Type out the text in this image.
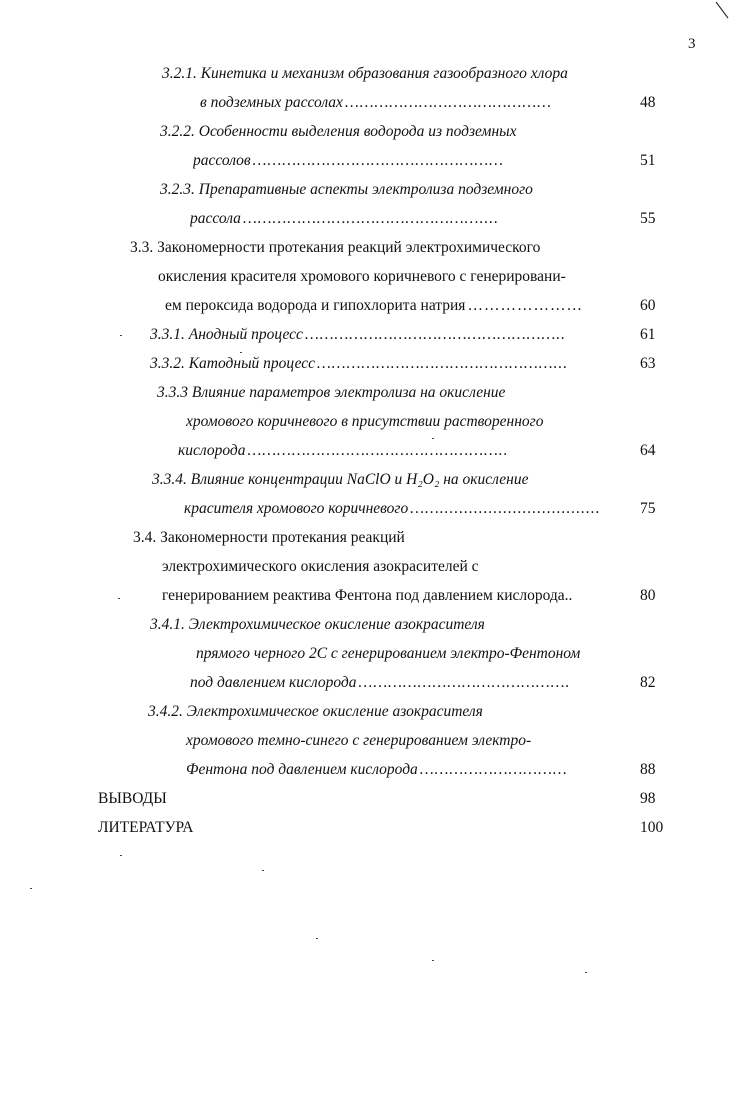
3
3.2.1. Кинетика и механизм образования газообразного хлора
в подземных рассолах ……………………………………	48
3.2.2. Особенности выделения водорода из подземных
рассолов ……………………………………………	51
3.2.3. Препаративные аспекты электролиза подземного
рассола …………………………………………....	55
3.3. Закономерности протекания реакций электрохимического
окисления красителя хромового коричневого с генерировани-
ем пероксида водорода и гипохлорита натрия …………………	60
3.3.1. Анодный процесс ……………………………………………..	61
3.3.2. Катодный процесс …………………………………………...	63
3.3.3 Влияние параметров электролиза на окисление
хромового коричневого в присутствии растворенного
кислорода ……………………………………………..	64
3.3.4. Влияние концентрации NaClO и H₂O₂ на окисление
красителя хромового коричневого …….................................	75
3.4. Закономерности протекания реакций
электрохимического окисления азокрасителей с
генерированием реактива Фентона под давлением кислорода..	80
3.4.1. Электрохимическое окисление азокрасителя
прямого черного 2С с генерированием электро-Фентоном
под давлением кислорода …………………………………….	82
3.4.2. Электрохимическое окисление азокрасителя
хромового темно-синего с генерированием электро-
Фентона под давлением кислорода …………………………	88
ВЫВОДЫ	98
ЛИТЕРАТУРА	100
